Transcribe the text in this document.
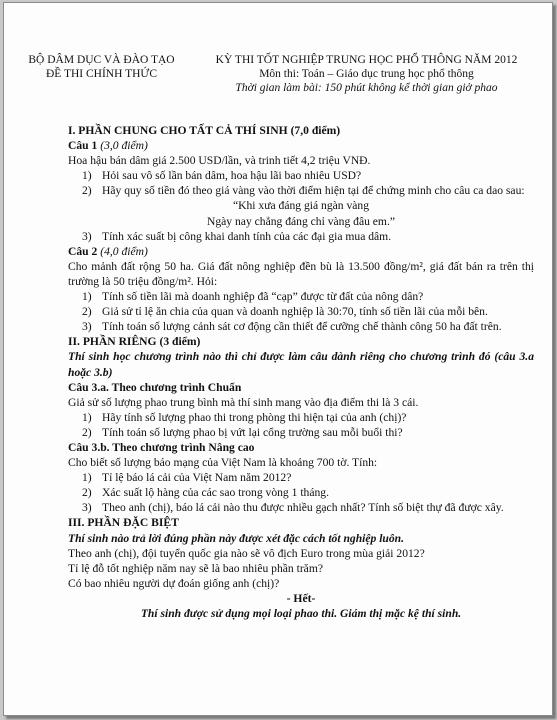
BỘ DÂM DỤC VÀ ĐÀO TẠO
ĐỀ THI CHÍNH THỨC
KỲ THI TỐT NGHIỆP TRUNG HỌC PHỔ THÔNG NĂM 2012
Môn thi: Toán – Giáo dục trung học phổ thông
Thời gian làm bài: 150 phút không kể thời gian giở phao

I. PHẦN CHUNG CHO TẤT CẢ THÍ SINH (7,0 điểm)

Câu 1 (3,0 điểm)

Hoa hậu bán dâm giá 2.500 USD/lần, và trinh tiết 4,2 triệu VNĐ.

1) Hỏi sau vô số lần bán dâm, hoa hậu lãi bao nhiêu USD?
2) Hãy quy số tiền đó theo giá vàng vào thời điểm hiện tại để chứng minh cho câu ca dao sau:

“Khi xưa đáng giá ngàn vàng

Ngày nay chẳng đáng chỉ vàng đâu em.”

3) Tính xác suất bị công khai danh tính của các đại gia mua dâm.

Câu 2 (4,0 điểm)

Cho mảnh đất rộng 50 ha. Giá đất nông nghiệp đền bù là 13.500 đồng/m², giá đất bán ra trên thị trường là 50 triệu đồng/m². Hỏi:

1) Tính số tiền lãi mà doanh nghiệp đã “cạp” được từ đất của nông dân?
2) Giả sử tỉ lệ ăn chia của quan và doanh nghiệp là 30:70, tính số tiền lãi của mỗi bên.
3) Tính toán số lượng cảnh sát cơ động cần thiết để cưỡng chế thành công 50 ha đất trên.

II. PHẦN RIÊNG (3 điểm)

Thí sinh học chương trình nào thì chỉ được làm câu dành riêng cho chương trình đó (câu 3.a hoặc 3.b)

Câu 3.a. Theo chương trình Chuẩn

Giả sử số lượng phao trung bình mà thí sinh mang vào địa điểm thi là 3 cái.

1) Hãy tính số lượng phao thi trong phòng thi hiện tại của anh (chị)?
2) Tính toán số lượng phao bị vứt lại cổng trường sau mỗi buổi thi?

Câu 3.b. Theo chương trình Nâng cao

Cho biết số lượng báo mạng của Việt Nam là khoảng 700 tờ. Tính:

1) Tỉ lệ báo lá cải của Việt Nam năm 2012?
2) Xác suất lộ hàng của các sao trong vòng 1 tháng.
3) Theo anh (chị), báo lá cải nào thu được nhiều gạch nhất? Tính số biệt thự đã được xây.

III. PHẦN ĐẶC BIỆT

Thí sinh nào trả lời đúng phần này được xét đặc cách tốt nghiệp luôn.

Theo anh (chị), đội tuyển quốc gia nào sẽ vô địch Euro trong mùa giải 2012?

Tỉ lệ đỗ tốt nghiệp năm nay sẽ là bao nhiêu phần trăm?

Có bao nhiêu người dự đoán giống anh (chị)?

- Hết-

Thí sinh được sử dụng mọi loại phao thi. Giám thị mặc kệ thí sinh.
